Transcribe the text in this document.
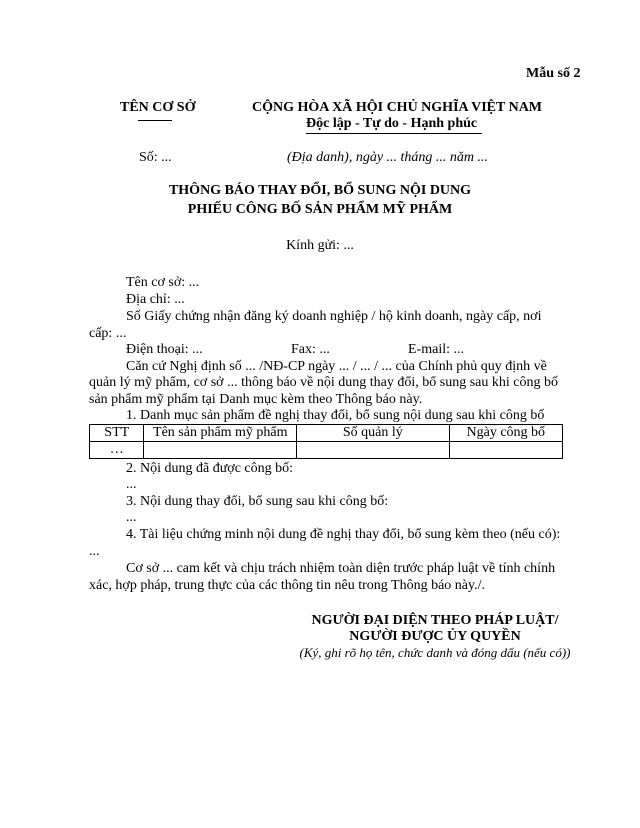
Mẫu số 2
TÊN CƠ SỞ	CỘNG HÒA XÃ HỘI CHỦ NGHĨA VIỆT NAM
Độc lập - Tự do - Hạnh phúc
Số: ...	(Địa danh), ngày ... tháng ... năm ...
THÔNG BÁO THAY ĐỔI, BỔ SUNG NỘI DUNG
PHIẾU CÔNG BỐ SẢN PHẨM MỸ PHẨM
Kính gửi: ...
Tên cơ sở: ...
Địa chỉ: ...
Số Giấy chứng nhận đăng ký doanh nghiệp / hộ kinh doanh, ngày cấp, nơi
cấp: ...
Điện thoại: ...	Fax: ...	E-mail: ...
Căn cứ Nghị định số ... /NĐ-CP ngày ... / ... / ... của Chính phủ quy định về
quản lý mỹ phẩm, cơ sở ... thông báo về nội dung thay đổi, bổ sung sau khi công bố
sản phẩm mỹ phẩm tại Danh mục kèm theo Thông báo này.
1. Danh mục sản phẩm đề nghị thay đổi, bổ sung nội dung sau khi công bố
STT	Tên sản phẩm mỹ phẩm	Số quản lý	Ngày công bố
…			
2. Nội dung đã được công bố:
...
3. Nội dung thay đổi, bổ sung sau khi công bố:
...
4. Tài liệu chứng minh nội dung đề nghị thay đổi, bổ sung kèm theo (nếu có):
...
Cơ sở ... cam kết và chịu trách nhiệm toàn diện trước pháp luật về tính chính
xác, hợp pháp, trung thực của các thông tin nêu trong Thông báo này./.
NGƯỜI ĐẠI DIỆN THEO PHÁP LUẬT/
NGƯỜI ĐƯỢC ỦY QUYỀN
(Ký, ghi rõ họ tên, chức danh và đóng dấu (nếu có))
